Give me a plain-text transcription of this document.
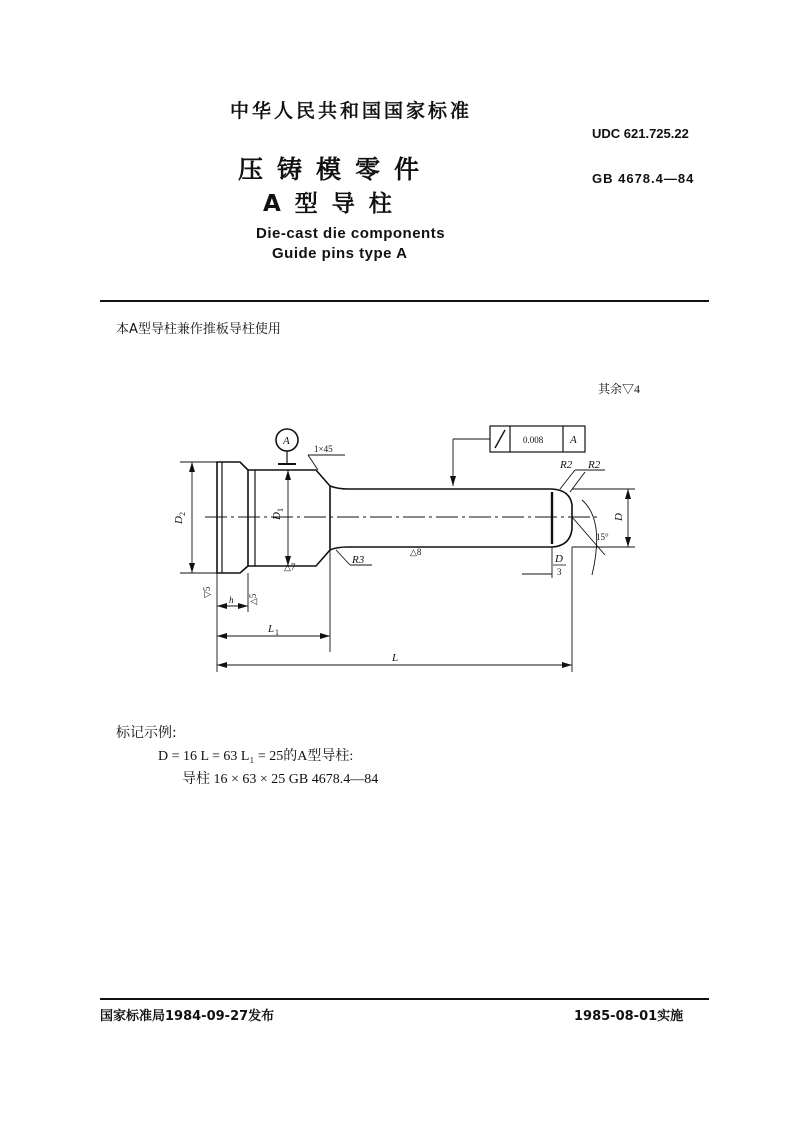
中华人民共和国国家标准
UDC 621.725.22
GB 4678.4—84
压铸模零件
A型导柱
Die-cast die components
Guide pins type A
本A型导柱兼作推板导柱使用
其余▽4
A
1×45
0.008 A
R2 R2
R3
15°
D
D
3
D
2	D
1
△7
△8
▽5
△5
h
L 1
L
标记示例:
D = 16 L = 63 L₁ = 25的A型导柱:
导柱 16 × 63 × 25 GB 4678.4—84
国家标准局1984-09-27发布	1985-08-01实施
